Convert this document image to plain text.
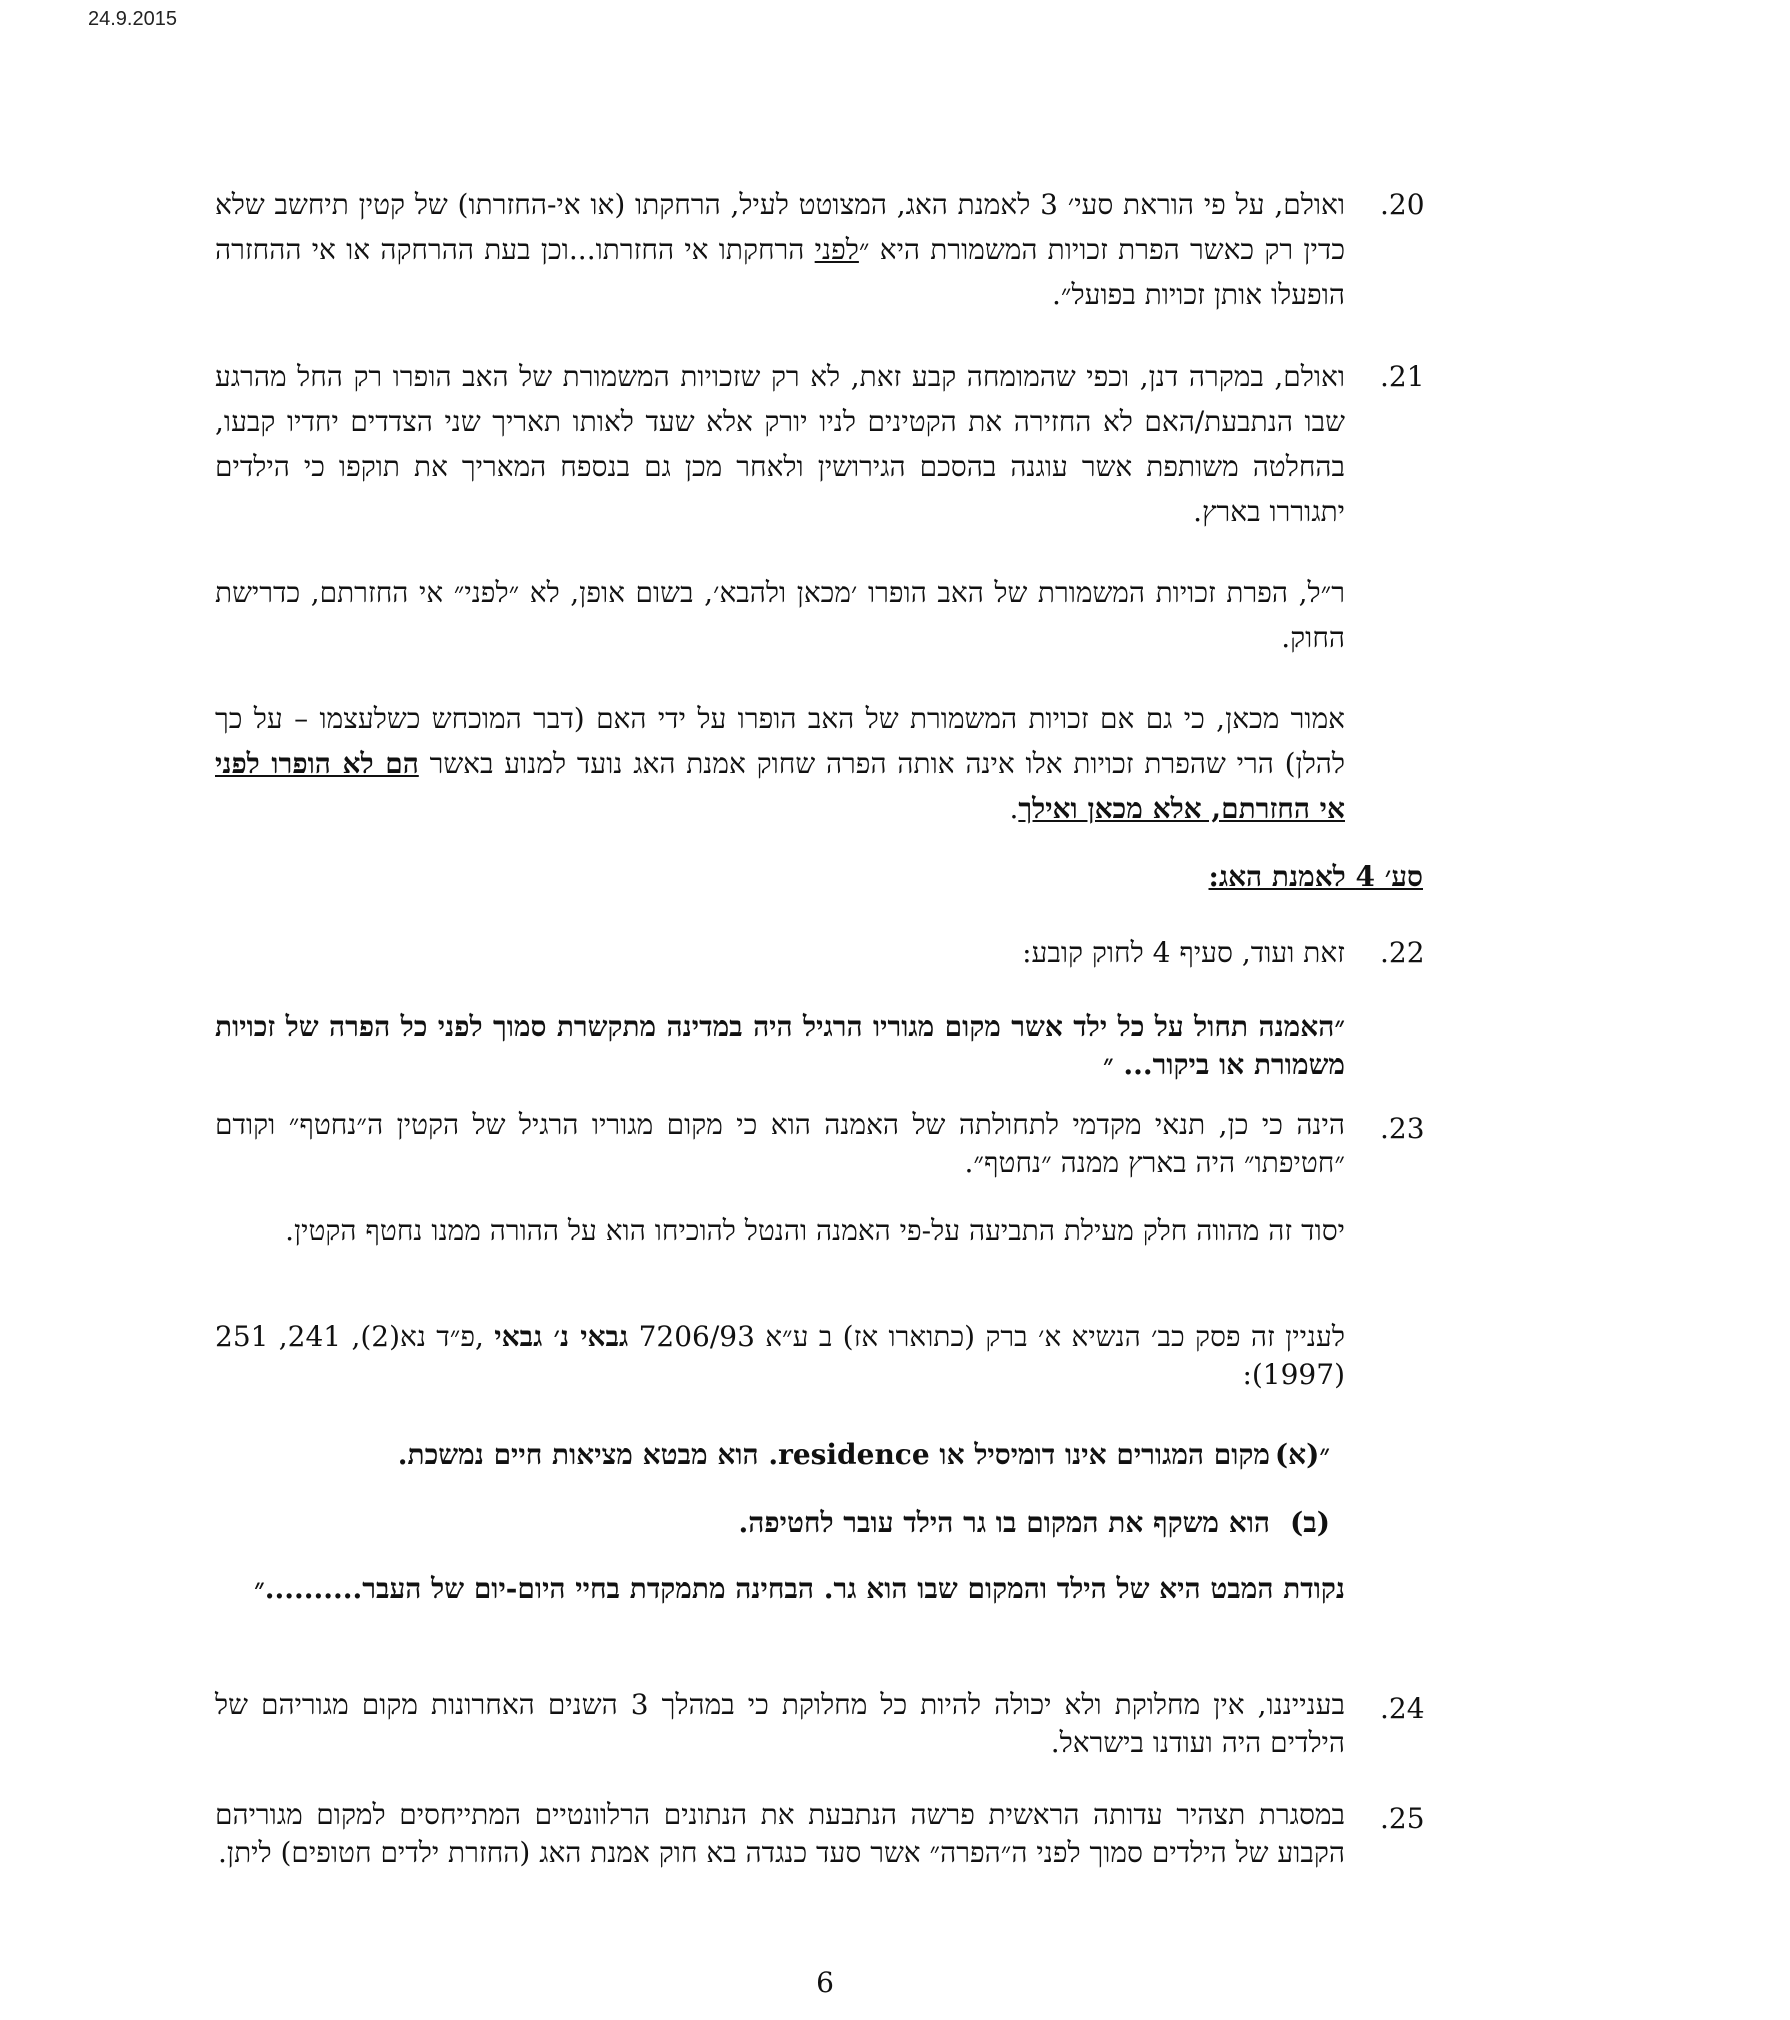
24.9.2015
.20
ואולם, על פי הוראת סעי׳ 3 לאמנת האג, המצוטט לעיל, הרחקתו (או אי-החזרתו) של קטין תיחשב שלא כדין רק כאשר הפרת זכויות המשמורת היא ״לפני הרחקתו אי החזרתו...וכן בעת ההרחקה או אי ההחזרה הופעלו אותן זכויות בפועל״.
.21
ואולם, במקרה דנן, וכפי שהמומחה קבע זאת, לא רק שזכויות המשמורת של האב הופרו רק החל מהרגע שבו הנתבעת/האם לא החזירה את הקטינים לניו יורק אלא שעד לאותו תאריך שני הצדדים יחדיו קבעו, בהחלטה משותפת אשר עוגנה בהסכם הגירושין ולאחר מכן גם בנספח המאריך את תוקפו כי הילדים יתגוררו בארץ.
ר״ל, הפרת זכויות המשמורת של האב הופרו ׳מכאן ולהבא׳, בשום אופן, לא ״לפני״ אי החזרתם, כדרישת החוק.
אמור מכאן, כי גם אם זכויות המשמורת של האב הופרו על ידי האם (דבר המוכחש כשלעצמו – על כך להלן) הרי שהפרת זכויות אלו אינה אותה הפרה שחוק אמנת האג נועד למנוע באשר הם לא הופרו לפני אי החזרתם, אלא מכאן ואילך.
סע׳ 4 לאמנת האג:
.22
זאת ועוד, סעיף 4 לחוק קובע:
״האמנה תחול על כל ילד אשר מקום מגוריו הרגיל היה במדינה מתקשרת סמוך לפני כל הפרה של זכויות משמורת או ביקור... ״
.23
הינה כי כן, תנאי מקדמי לתחולתה של האמנה הוא כי מקום מגוריו הרגיל של הקטין ה״נחטף״ וקודם ״חטיפתו״ היה בארץ ממנה ״נחטף״.
יסוד זה מהווה חלק מעילת התביעה על-פי האמנה והנטל להוכיחו הוא על ההורה ממנו נחטף הקטין.
לעניין זה פסק כב׳ הנשיא א׳ ברק (כתוארו אז) ב ע״א 7206/93 גבאי נ׳ גבאי ,פ״ד נא(2), 241, 251 (1997):
״(א)מקום המגורים אינו דומיסיל או residence. הוא מבטא מציאות חיים נמשכת.
(ב)הוא משקף את המקום בו גר הילד עובר לחטיפה.
נקודת המבט היא של הילד והמקום שבו הוא גר. הבחינה מתמקדת בחיי היום-יום של העבר..........״
.24
בענייננו, אין מחלוקת ולא יכולה להיות כל מחלוקת כי במהלך 3 השנים האחרונות מקום מגוריהם של הילדים היה ועודנו בישראל.
.25
במסגרת תצהיר עדותה הראשית פרשה הנתבעת את הנתונים הרלוונטיים המתייחסים למקום מגוריהם הקבוע של הילדים סמוך לפני ה״הפרה״ אשר סעד כנגדה בא חוק אמנת האג (החזרת ילדים חטופים) ליתן.
6
